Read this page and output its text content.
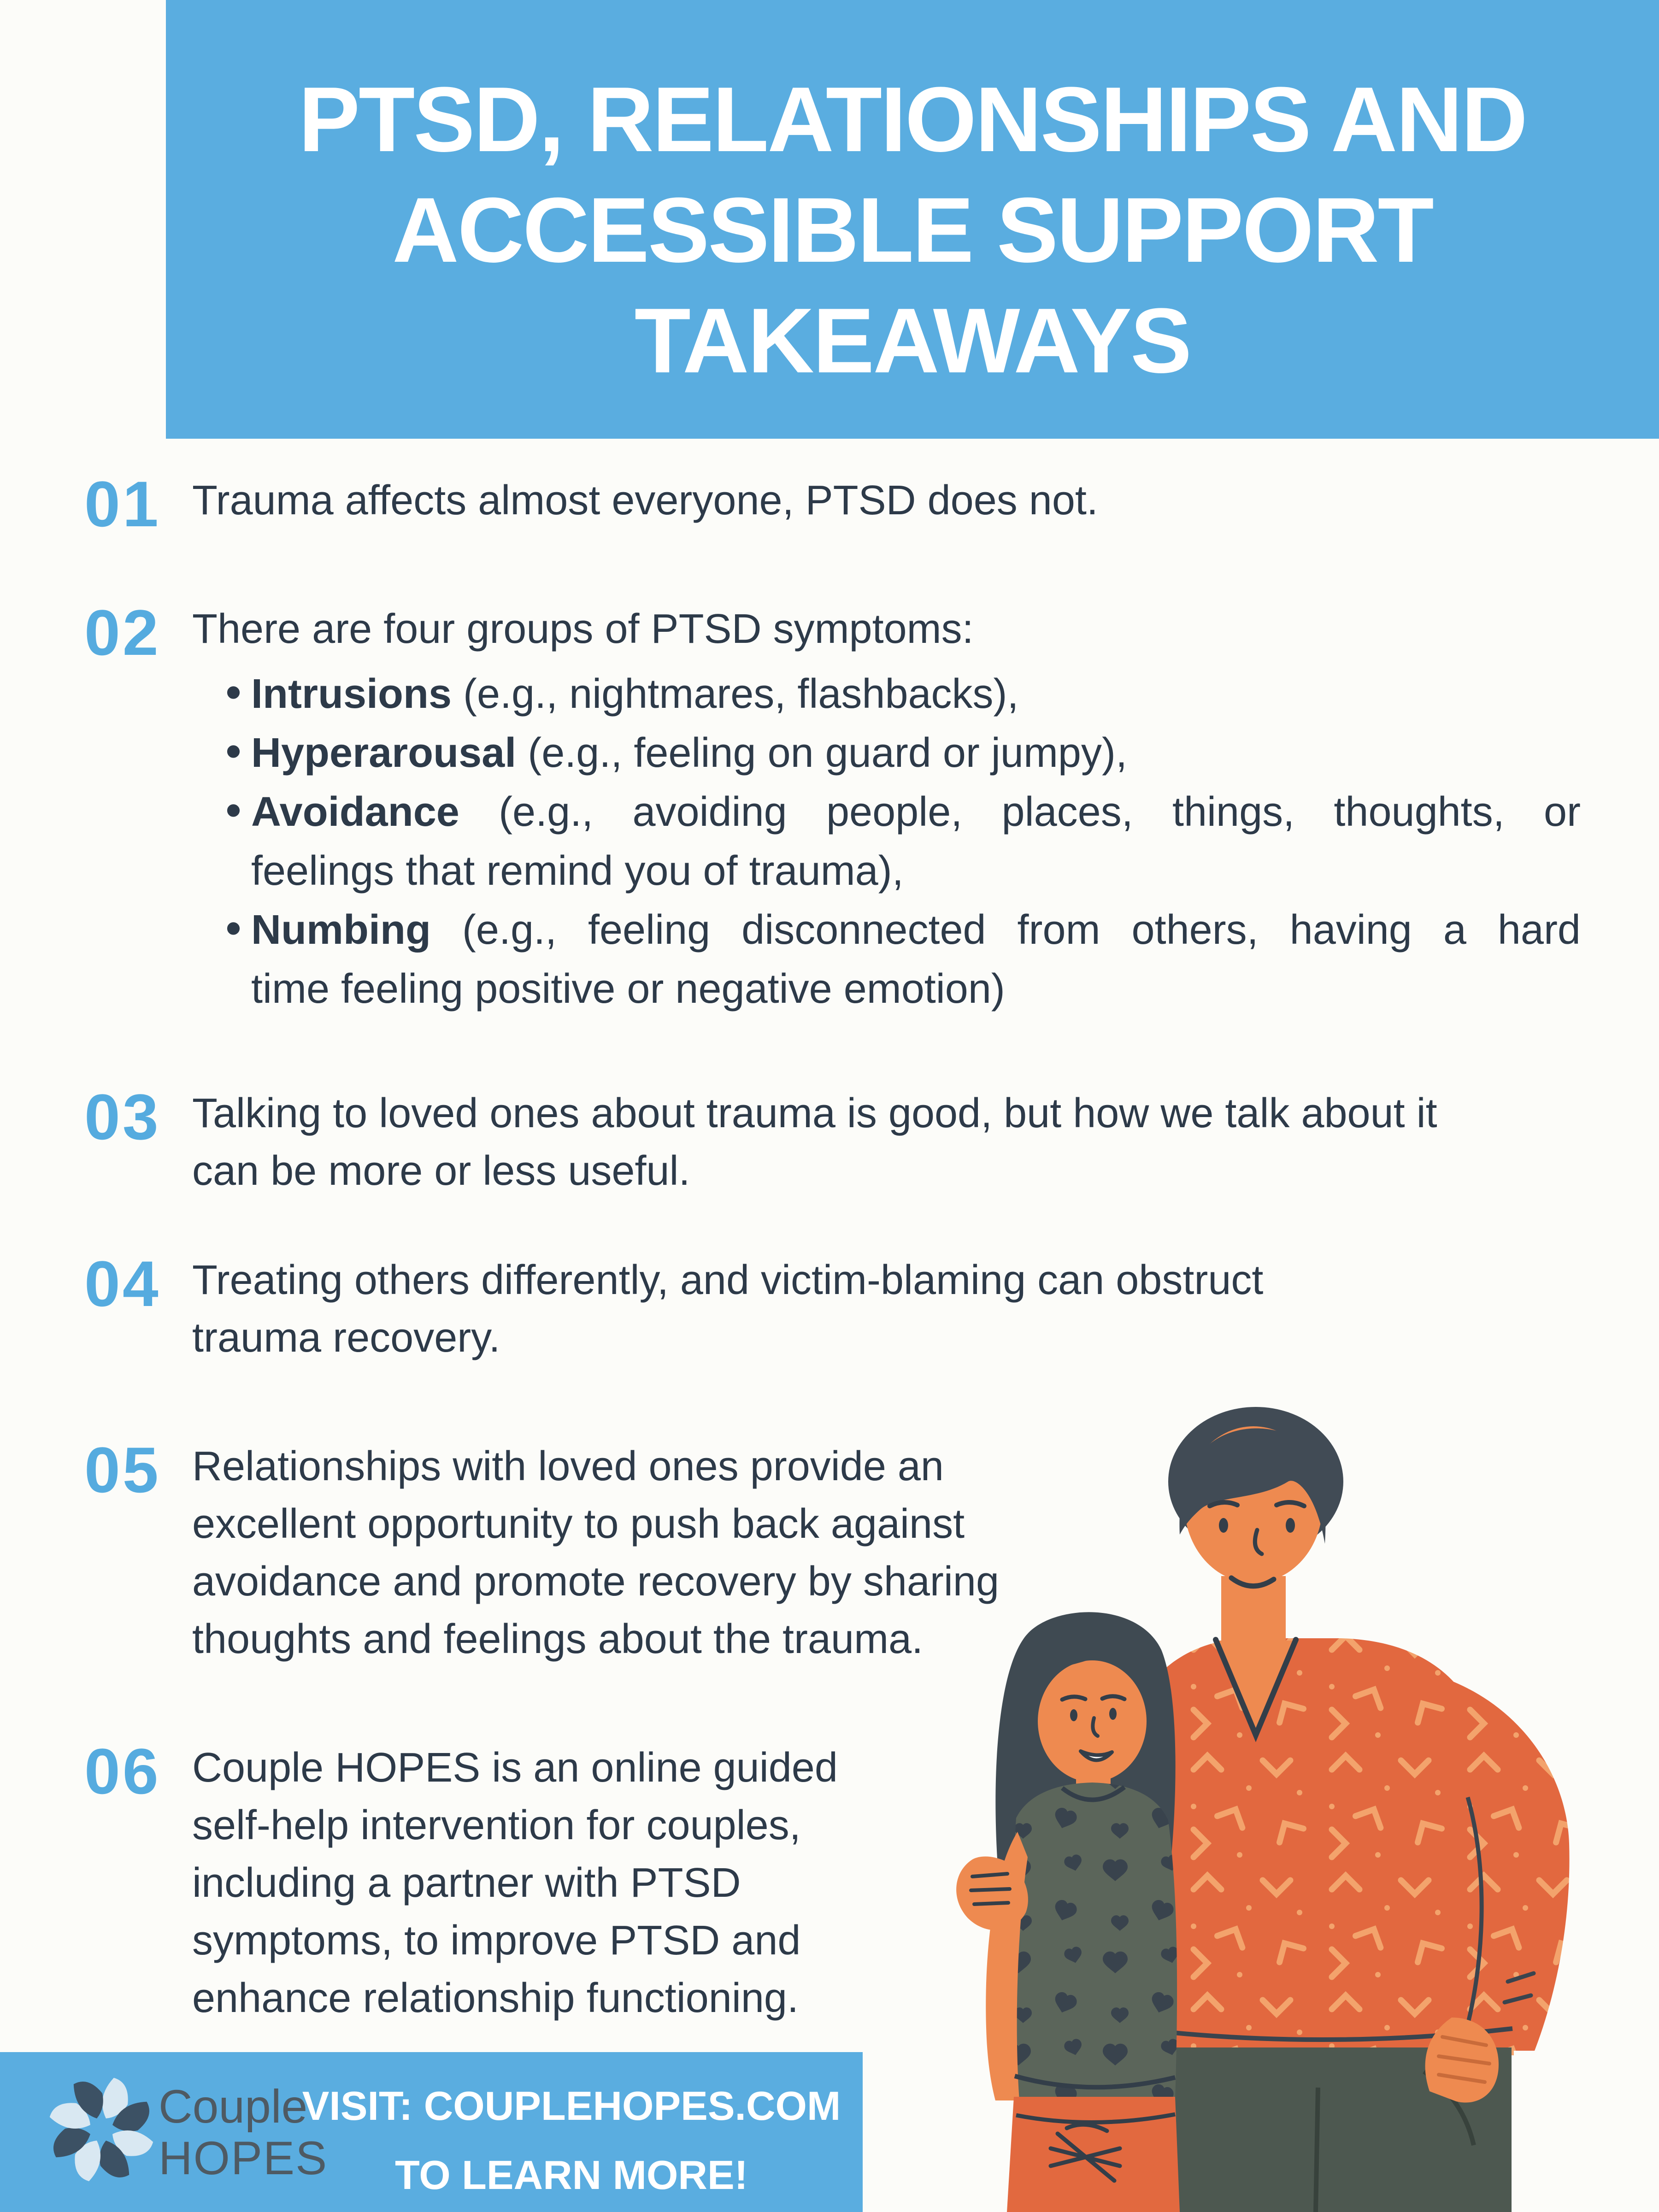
PTSD, RELATIONSHIPS AND
ACCESSIBLE SUPPORT
TAKEAWAYS
01 Trauma affects almost everyone, PTSD does not.
02 There are four groups of PTSD symptoms:
• Intrusions (e.g., nightmares, flashbacks),
• Hyperarousal (e.g., feeling on guard or jumpy),
• Avoidance (e.g., avoiding people, places, things, thoughts, or
feelings that remind you of trauma),
• Numbing (e.g., feeling disconnected from others, having a hard
time feeling positive or negative emotion)
03 Talking to loved ones about trauma is good, but how we talk about it
can be more or less useful.
04 Treating others differently, and victim-blaming can obstruct
trauma recovery.
05 Relationships with loved ones provide an
excellent opportunity to push back against
avoidance and promote recovery by sharing
thoughts and feelings about the trauma.
06 Couple HOPES is an online guided
self-help intervention for couples,
including a partner with PTSD
symptoms, to improve PTSD and
enhance relationship functioning.
Couple
HOPES
VISIT: COUPLEHOPES.COM
TO LEARN MORE!
